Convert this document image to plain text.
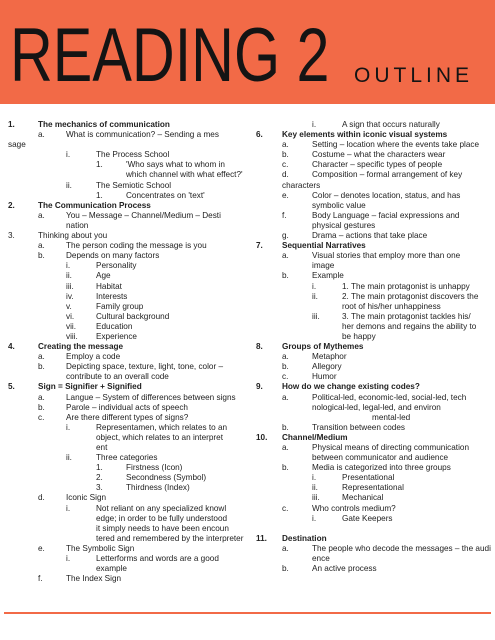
READING 2 OUTLINE
1.	The mechanics of communication
a.	What is communication? – Sending a mes
sage
i.	The Process School
1.	'Who says what to whom in
which channel with what effect?'
ii.	The Semiotic School
1.	Concentrates on 'text'
2.	The Communication Process
a.	You – Message – Channel/Medium – Desti
nation
3.	Thinking about you
a.	The person coding the message is you
b.	Depends on many factors
i.	Personality
ii.	Age
iii.	Habitat
iv.	Interests
v.	Family group
vi.	Cultural background
vii. Education
viii. Experience
4.	Creating the message
a.	Employ a code
b.	Depicting space, texture, light, tone, color –
contribute to an overall code
5.	Sign = Signifier + Signified
a.	Langue – System of differences between signs
b.	Parole – individual acts of speech
c.	Are there different types of signs?
i.	Representamen, which relates to an
object, which relates to an interpret
ent
ii.	Three categories
1.	Firstness (Icon)
2.	Secondness (Symbol)
3.	Thirdness (Index)
d.	Iconic Sign
i.	Not reliant on any specialized knowl
edge; in order to be fully understood
it simply needs to have been encoun
tered and remembered by the interpreter
e.	The Symbolic Sign
i.	Letterforms and words are a good
example
f.	The Index Sign
i.	A sign that occurs naturally
6. Key elements within iconic visual systems
a.	Setting – location where the events take place
b.	Costume – what the characters wear
c.	Character – specific types of people
d.	Composition – formal arrangement of key
characters
e.	Color – denotes location, status, and has
symbolic value
f.	Body Language – facial expressions and
physical gestures
g.	Drama – actions that take place
7. Sequential Narratives
a.	Visual stories that employ more than one
image
b.	Example
i.	1. The main protagonist is unhappy
ii.	2. The main protagonist discovers the
root of his/her unhappiness
iii.	3. The main protagonist tackles his/
her demons and regains the ability to
be happy
8. Groups of Mythemes
a.	Metaphor
b.	Allegory
c.	Humor
9. How do we change existing codes?
a.	Political-led, economic-led, social-led, tech
nological-led, legal-led, and environ
mental-led
b.	Transition between codes
10. Channel/Medium
a.	Physical means of directing communication
between communicator and audience
b.	Media is categorized into three groups
i.	Presentational
ii.	Representational
iii.	Mechanical
c.	Who controls medium?
i.	Gate Keepers
11. Destination
a.	The people who decode the messages – the audi
ence
b.	An active process
